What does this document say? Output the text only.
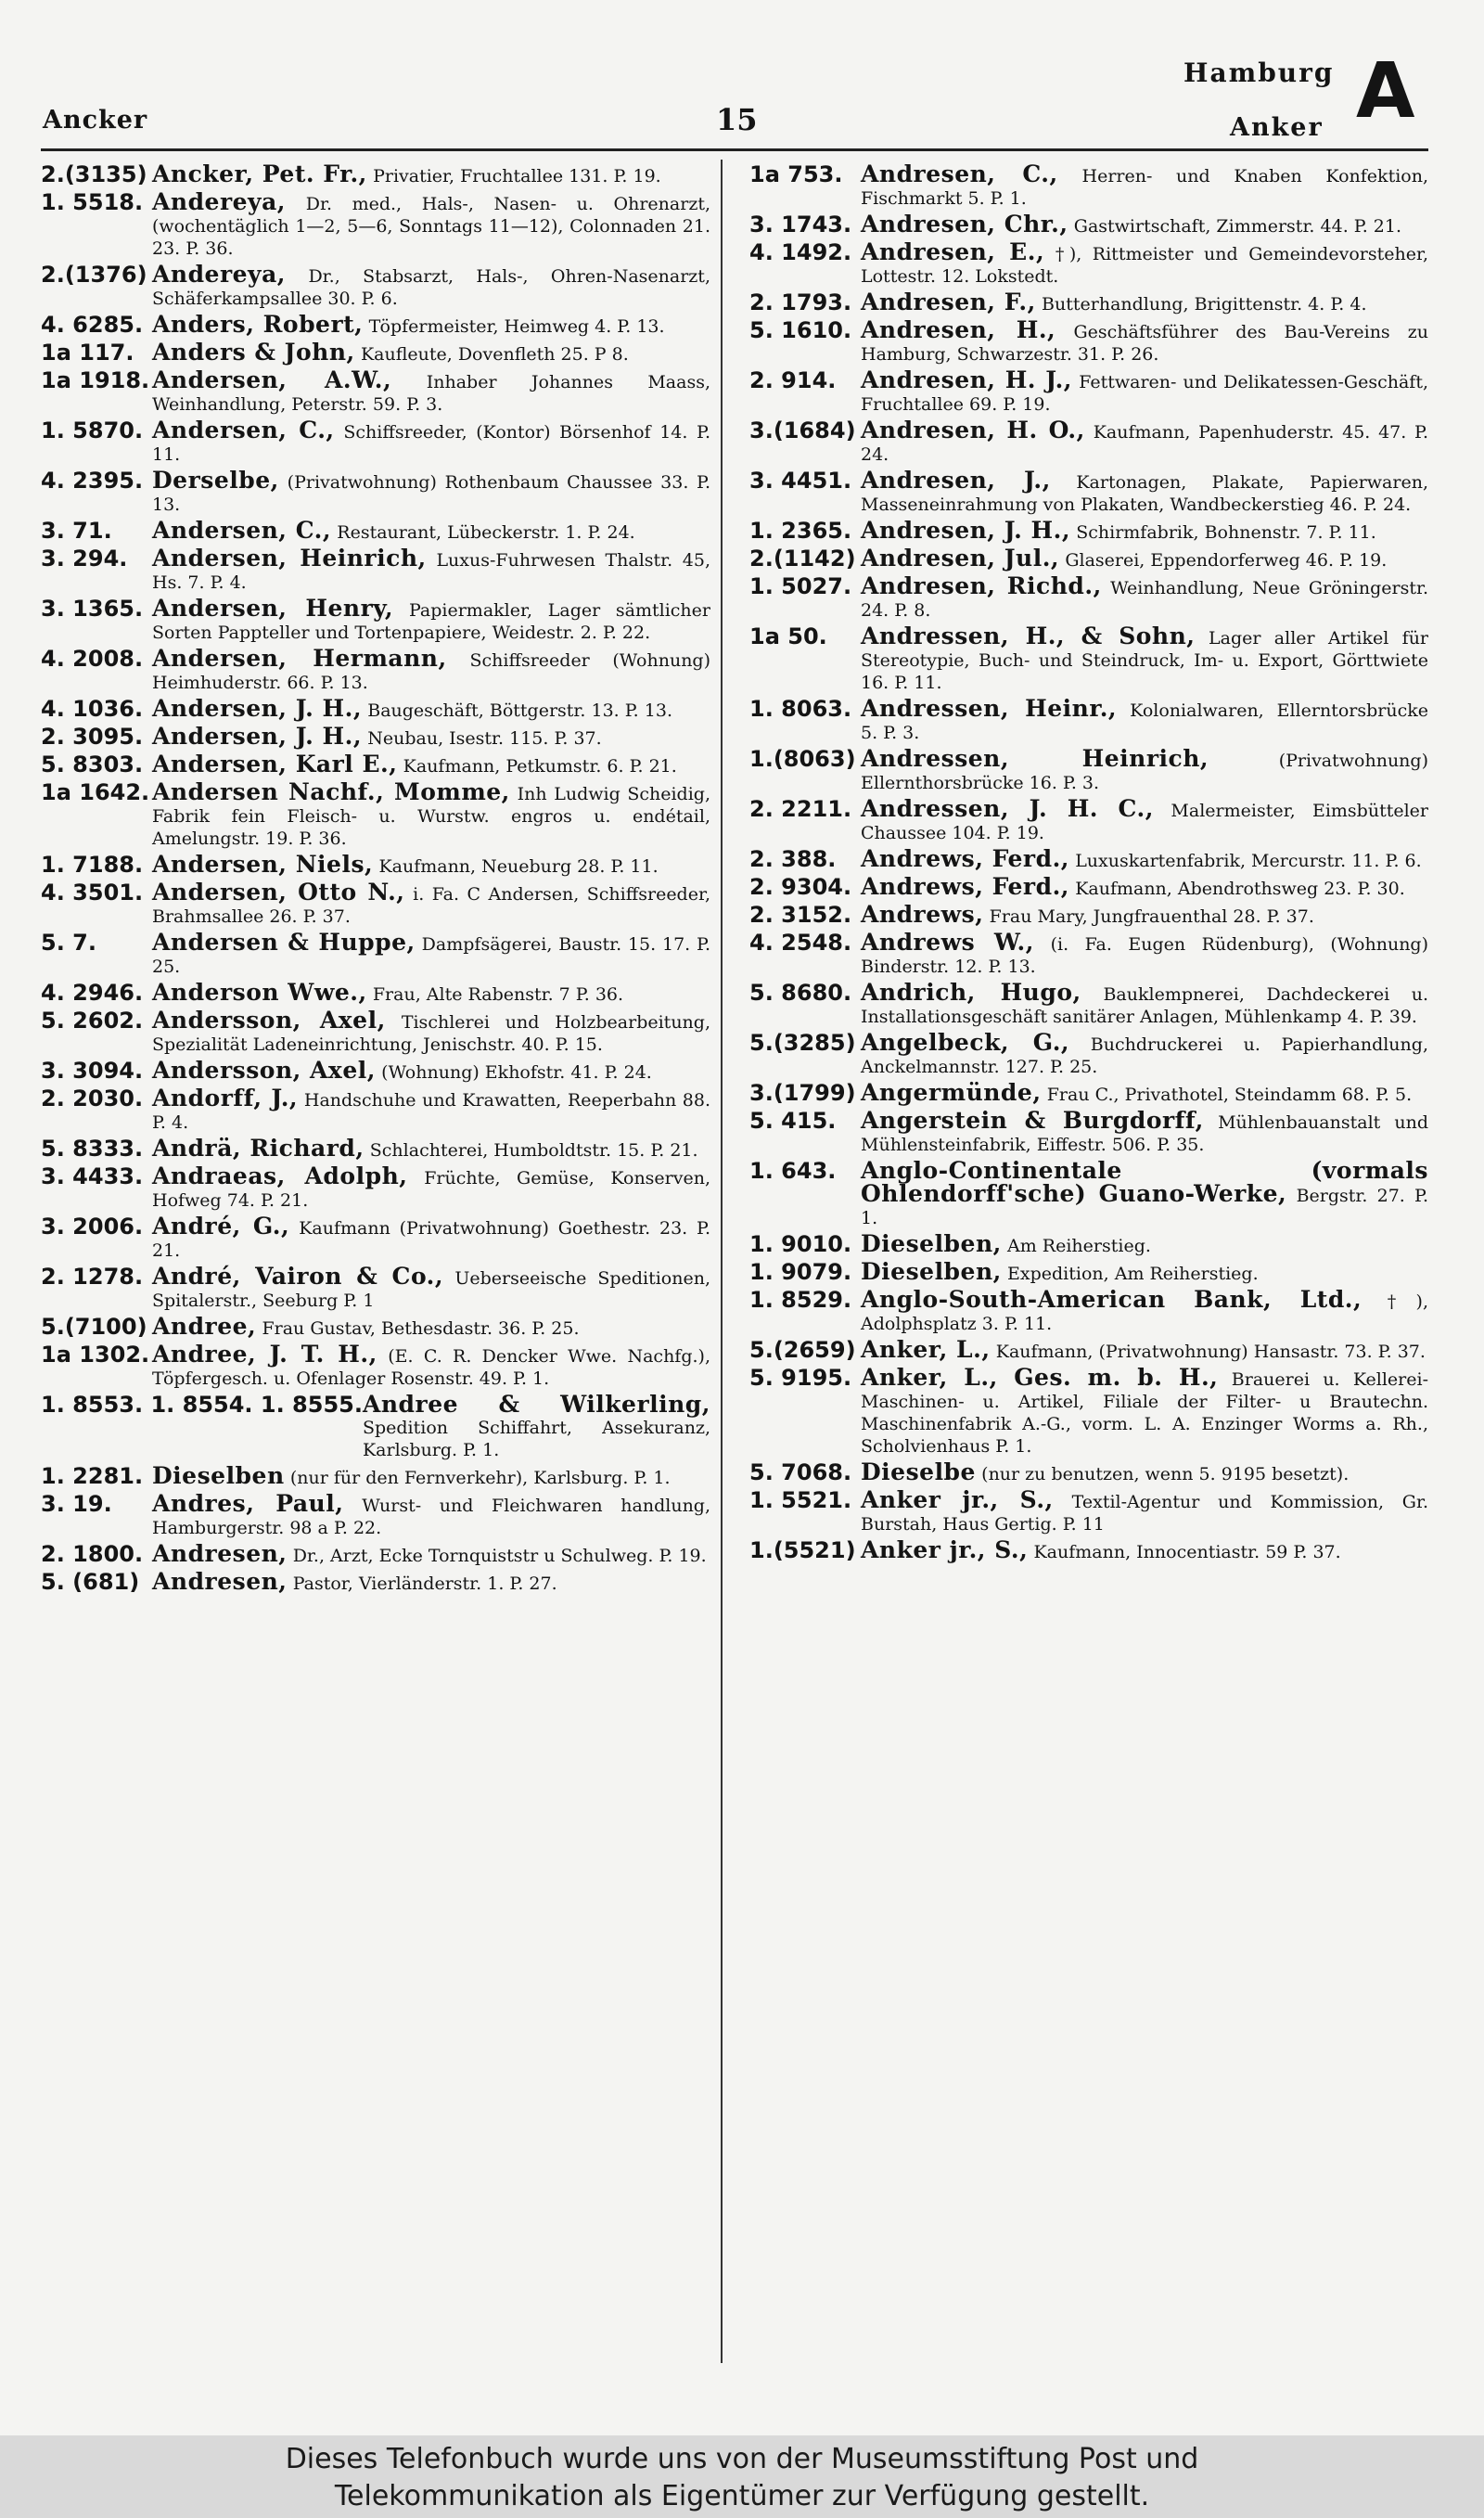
Ancker	15
Hamburg
Anker A
2.(3135) Ancker, Pet. Fr., Privatier, Fruchtallee 131. P. 19.
1. 5518. Andereya, Dr. med., Hals-, Nasen- u. Ohrenarzt, (wochentäglich 1—2, 5—6, Sonntags 11—12), Colonnaden 21. 23. P. 36.
2.(1376) Andereya, Dr., Stabsarzt, Hals-, Ohren-Nasenarzt, Schäferkampsallee 30. P. 6.
4. 6285. Anders, Robert, Töpfermeister, Heimweg 4. P. 13.
1a 117. Anders & John, Kaufleute, Dovenfleth 25. P 8.
1a 1918. Andersen, A.W., Inhaber Johannes Maass, Weinhandlung, Peterstr. 59. P. 3.
1. 5870. Andersen, C., Schiffsreeder, (Kontor) Börsenhof 14. P. 11.
4. 2395. Derselbe, (Privatwohnung) Rothenbaum Chaussee 33. P. 13.
3. 71.	Andersen, C., Restaurant, Lübeckerstr. 1. P. 24.
3. 294.	Andersen, Heinrich, Luxus-Fuhrwesen Thalstr. 45, Hs. 7. P. 4.
3. 1365. Andersen, Henry, Papiermakler, Lager sämtlicher Sorten Pappteller und Tortenpapiere, Weidestr. 2. P. 22.
4. 2008. Andersen, Hermann, Schiffsreeder (Wohnung) Heimhuderstr. 66. P. 13.
4. 1036. Andersen, J. H., Baugeschäft, Böttgerstr. 13. P. 13.
2. 3095. Andersen, J. H., Neubau, Isestr. 115. P. 37.
5. 8303. Andersen, Karl E., Kaufmann, Petkumstr. 6. P. 21.
1a 1642. Andersen Nachf., Momme, Inh Ludwig Scheidig, Fabrik fein Fleisch- u. Wurstw. engros u. endétail, Amelungstr. 19. P. 36.
1. 7188. Andersen, Niels, Kaufmann, Neueburg 28. P. 11.
4. 3501. Andersen, Otto N., i. Fa. C Andersen, Schiffsreeder, Brahmsallee 26. P. 37.
5. 7.	Andersen & Huppe, Dampfsägerei, Baustr. 15. 17. P. 25.
4. 2946. Anderson Wwe., Frau, Alte Rabenstr. 7 P. 36.
5. 2602. Andersson, Axel, Tischlerei und Holzbearbeitung, Spezialität Ladeneinrichtung, Jenischstr. 40. P. 15.
3. 3094. Andersson, Axel, (Wohnung) Ekhofstr. 41. P. 24.
2. 2030. Andorff, J., Handschuhe und Krawatten, Reeperbahn 88. P. 4.
5. 8333. Andrä, Richard, Schlachterei, Humboldtstr. 15. P. 21.
3. 4433. Andraeas, Adolph, Früchte, Gemüse, Konserven, Hofweg 74. P. 21.
3. 2006. André, G., Kaufmann (Privatwohnung) Goethestr. 23. P. 21.
2. 1278. André, Vairon & Co., Ueberseeische Speditionen, Spitalerstr., Seeburg P. 1
5.(7100) Andree, Frau Gustav, Bethesdastr. 36. P. 25.
1a 1302. Andree, J. T. H., (E. C. R. Dencker Wwe. Nachfg.), Töpfergesch. u. Ofenlager Rosenstr. 49. P. 1.
1. 8553. 1. 8554. 1. 8555. Andree & Wilkerling, Spedition Schiffahrt, Assekuranz, Karlsburg. P. 1.
1. 2281. Dieselben (nur für den Fernverkehr), Karlsburg. P. 1.
3. 19.	Andres, Paul, Wurst- und Fleichwaren handlung, Hamburgerstr. 98 a P. 22.
2. 1800. Andresen, Dr., Arzt, Ecke Tornquiststr u Schulweg. P. 19.
5. (681) Andresen, Pastor, Vierländerstr. 1. P. 27.
1a 753. Andresen, C., Herren- und Knaben Konfektion, Fischmarkt 5. P. 1.
3. 1743. Andresen, Chr., Gastwirtschaft, Zimmerstr. 44. P. 21.
4. 1492. Andresen, E., †), Rittmeister und Gemeindevorsteher, Lottestr. 12. Lokstedt.
2. 1793. Andresen, F., Butterhandlung, Brigittenstr. 4. P. 4.
5. 1610. Andresen, H., Geschäftsführer des Bau-Vereins zu Hamburg, Schwarzestr. 31. P. 26.
2. 914.	Andresen, H. J., Fettwaren- und Delikatessen-Geschäft, Fruchtallee 69. P. 19.
3.(1684) Andresen, H. O., Kaufmann, Papenhuderstr. 45. 47. P. 24.
3. 4451. Andresen, J., Kartonagen, Plakate, Papierwaren, Masseneinrahmung von Plakaten, Wandbeckerstieg 46. P. 24.
1. 2365. Andresen, J. H., Schirmfabrik, Bohnenstr. 7. P. 11.
2.(1142) Andresen, Jul., Glaserei, Eppendorferweg 46. P. 19.
1. 5027. Andresen, Richd., Weinhandlung, Neue Gröningerstr. 24. P. 8.
1a 50.	Andressen, H., & Sohn, Lager aller Artikel für Stereotypie, Buch- und Steindruck, Im- u. Export, Görttwiete 16. P. 11.
1. 8063. Andressen, Heinr., Kolonialwaren, Ellerntorsbrücke 5. P. 3.
1.(8063) Andressen, Heinrich,	(Privatwohnung) Ellernthorsbrücke 16. P. 3.
2. 2211. Andressen, J. H. C., Malermeister, Eimsbütteler Chaussee 104. P. 19.
2. 388.	Andrews, Ferd., Luxuskartenfabrik, Mercurstr. 11. P. 6.
2. 9304. Andrews, Ferd., Kaufmann, Abendrothsweg 23. P. 30.
2. 3152. Andrews, Frau Mary, Jungfrauenthal 28. P. 37.
4. 2548. Andrews W., (i. Fa. Eugen Rüdenburg), (Wohnung) Binderstr. 12. P. 13.
5. 8680. Andrich, Hugo, Bauklempnerei, Dachdeckerei u. Installationsgeschäft sanitärer Anlagen, Mühlenkamp 4. P. 39.
5.(3285) Angelbeck, G., Buchdruckerei u. Papierhandlung, Anckelmannstr. 127. P. 25.
3.(1799) Angermünde, Frau C., Privathotel, Steindamm 68. P. 5.
5. 415.	Angerstein & Burgdorff, Mühlenbauanstalt und Mühlensteinfabrik, Eiffestr. 506. P. 35.
1. 643.	Anglo-Continentale (vormals Ohlendorff'sche) Guano-Werke, Bergstr. 27. P. 1.
1. 9010. Dieselben, Am Reiherstieg.
1. 9079. Dieselben, Expedition, Am Reiherstieg.
1. 8529. Anglo-South-American Bank, Ltd., †), Adolphsplatz 3. P. 11.
5.(2659) Anker, L., Kaufmann, (Privatwohnung) Hansastr. 73. P. 37.
5. 9195. Anker, L., Ges. m. b. H., Brauerei u. Kellerei-Maschinen- u. Artikel, Filiale der Filter- u Brautechn. Maschinenfabrik A.-G., vorm. L. A. Enzinger Worms a. Rh., Scholvienhaus P. 1.
5. 7068. Dieselbe (nur zu benutzen, wenn 5. 9195 besetzt).
1. 5521. Anker jr., S., Textil-Agentur und Kommission, Gr. Burstah, Haus Gertig. P. 11
1.(5521) Anker jr., S., Kaufmann, Innocentiastr. 59 P. 37.
Dieses Telefonbuch wurde uns von der Museumsstiftung Post und
Telekommunikation als Eigentümer zur Verfügung gestellt.
